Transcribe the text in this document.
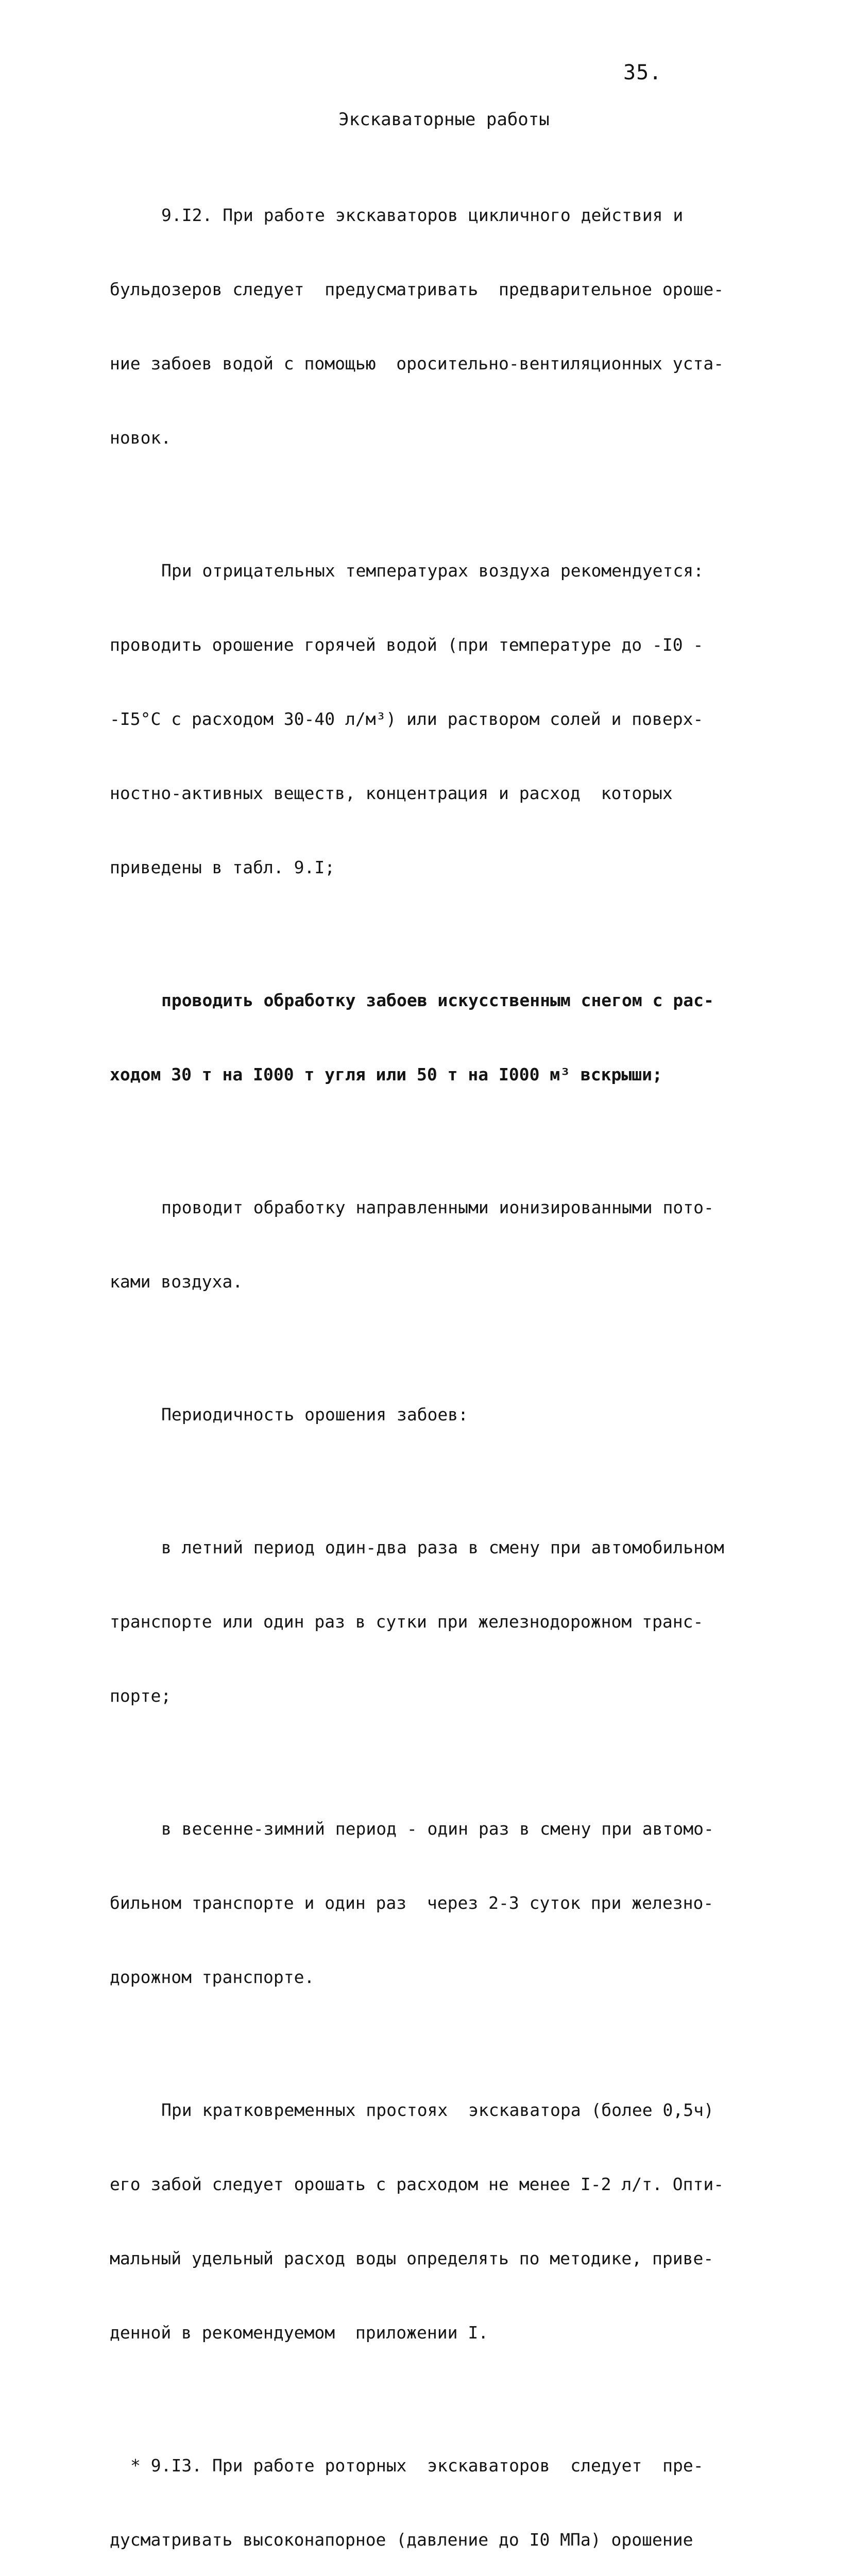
35.
Экскаваторные работы

9.I2. При работе экскаваторов цикличного действия и

бульдозеров следует  предусматривать  предварительное ороше-

ние забоев водой с помощью  оросительно-вентиляционных уста-

новок.

При отрицательных температурах воздуха рекомендуется:

проводить орошение горячей водой (при температуре до -I0 -

-I5°C с расходом 30-40 л/м³) или раствором солей и поверх-

ностно-активных веществ, концентрация и расход  которых

приведены в табл. 9.I;

проводить обработку забоев искусственным снегом с рас-

ходом 30 т на I000 т угля или 50 т на I000 м³ вскрыши;

проводит обработку направленными ионизированными пото-

ками воздуха.

Периодичность орошения забоев:

в летний период один-два раза в смену при автомобильном

транспорте или один раз в сутки при железнодорожном транс-

порте;

в весенне-зимний период - один раз в смену при автомо-

бильном транспорте и один раз  через 2-3 суток при железно-

дорожном транспорте.

При кратковременных простоях  экскаватора (более 0,5ч)

его забой следует орошать с расходом не менее I-2 л/т. Опти-

мальный удельный расход воды определять по методике, приве-

денной в рекомендуемом  приложении I.

* 9.I3. При работе роторных  экскаваторов  следует  пре-

дусматривать высоконапорное (давление до I0 МПа) орошение
